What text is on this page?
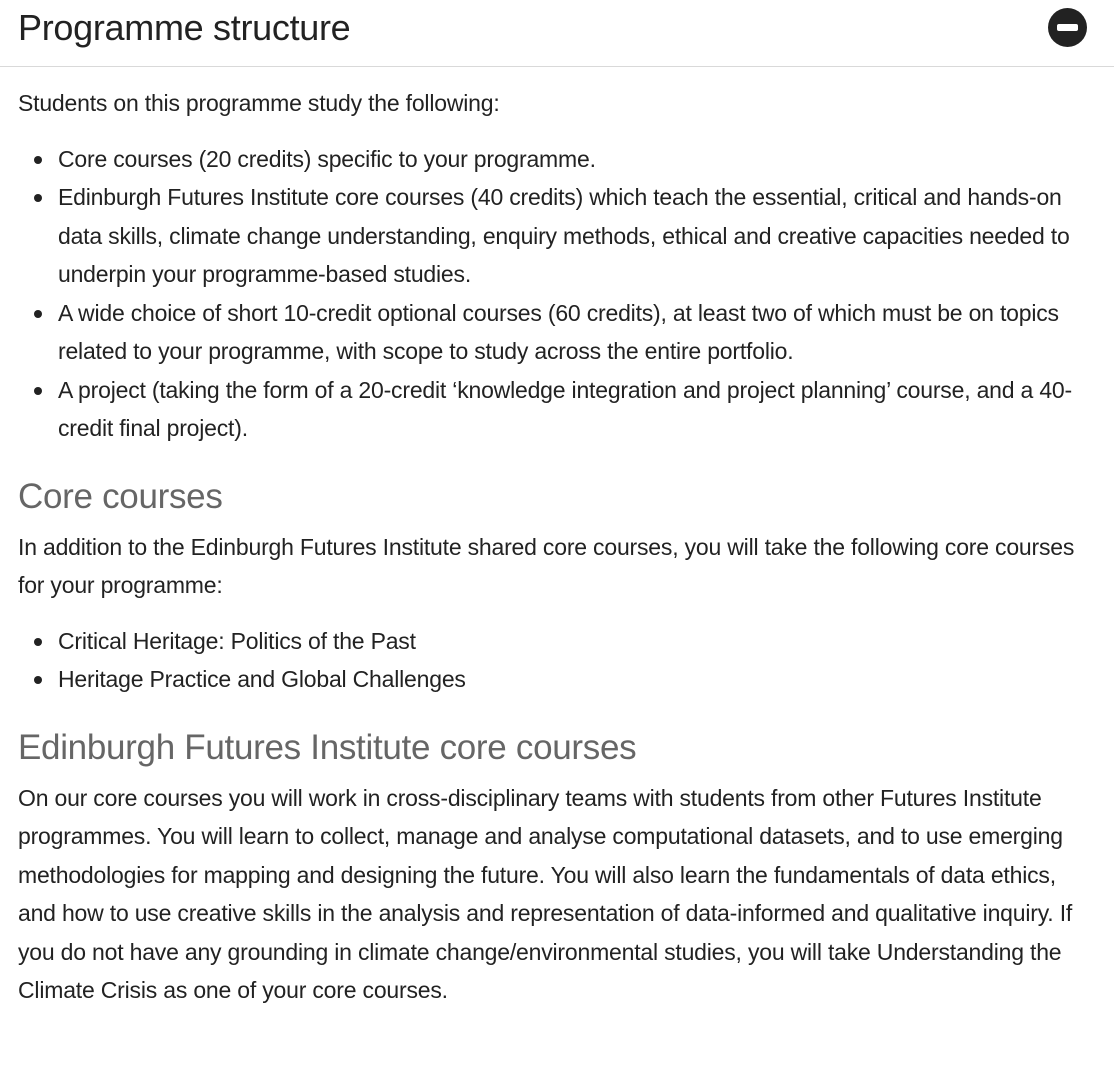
Programme structure

Students on this programme study the following:

Core courses (20 credits) specific to your programme.
Edinburgh Futures Institute core courses (40 credits) which teach the essential, critical and hands-on data skills, climate change understanding, enquiry methods, ethical and creative capacities needed to underpin your programme-based studies.
A wide choice of short 10-credit optional courses (60 credits), at least two of which must be on topics related to your programme, with scope to study across the entire portfolio.
A project (taking the form of a 20-credit ‘knowledge integration and project planning’ course, and a 40-credit final project).
Core courses

In addition to the Edinburgh Futures Institute shared core courses, you will take the following core courses for your programme:

Critical Heritage: Politics of the Past
Heritage Practice and Global Challenges
Edinburgh Futures Institute core courses

On our core courses you will work in cross-disciplinary teams with students from other Futures Institute programmes. You will learn to collect, manage and analyse computational datasets, and to use emerging methodologies for mapping and designing the future. You will also learn the fundamentals of data ethics, and how to use creative skills in the analysis and representation of data-informed and qualitative inquiry. If you do not have any grounding in climate change/environmental studies, you will take Understanding the Climate Crisis as one of your core courses.
